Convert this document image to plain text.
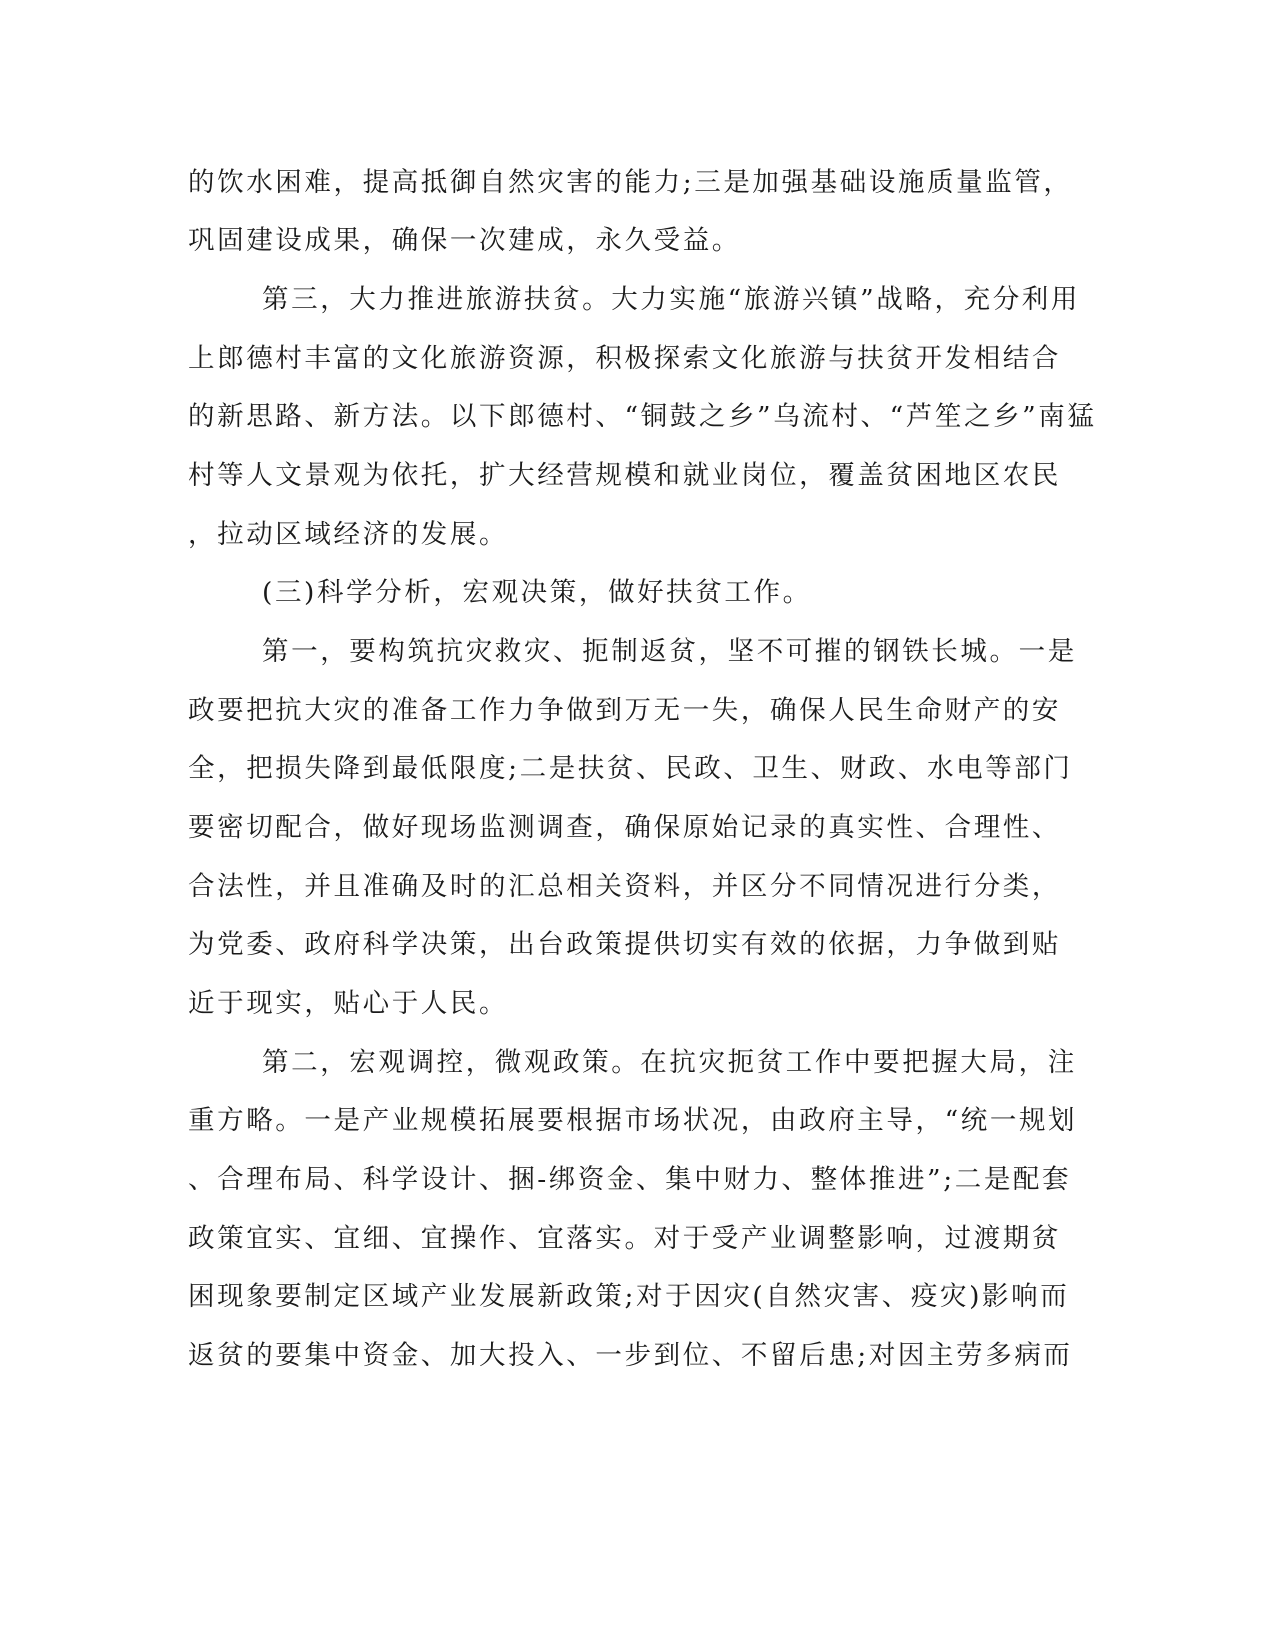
的饮水困难，提高抵御自然灾害的能力;三是加强基础设施质量监管，
巩固建设成果，确保一次建成，永久受益。
第三，大力推进旅游扶贫。大力实施“旅游兴镇”战略，充分利用
上郎德村丰富的文化旅游资源，积极探索文化旅游与扶贫开发相结合
的新思路、新方法。以下郎德村、“铜鼓之乡”乌流村、“芦笙之乡”南猛
村等人文景观为依托，扩大经营规模和就业岗位，覆盖贫困地区农民
，拉动区域经济的发展。
(三)科学分析，宏观决策，做好扶贫工作。
第一，要构筑抗灾救灾、扼制返贫，坚不可摧的钢铁长城。一是
政要把抗大灾的准备工作力争做到万无一失，确保人民生命财产的安
全，把损失降到最低限度;二是扶贫、民政、卫生、财政、水电等部门
要密切配合，做好现场监测调查，确保原始记录的真实性、合理性、
合法性，并且准确及时的汇总相关资料，并区分不同情况进行分类，
为党委、政府科学决策，出台政策提供切实有效的依据，力争做到贴
近于现实，贴心于人民。
第二，宏观调控，微观政策。在抗灾扼贫工作中要把握大局，注
重方略。一是产业规模拓展要根据市场状况，由政府主导，“统一规划
、合理布局、科学设计、捆-绑资金、集中财力、整体推进”;二是配套
政策宜实、宜细、宜操作、宜落实。对于受产业调整影响，过渡期贫
困现象要制定区域产业发展新政策;对于因灾(自然灾害、疫灾)影响而
返贫的要集中资金、加大投入、一步到位、不留后患;对因主劳多病而
